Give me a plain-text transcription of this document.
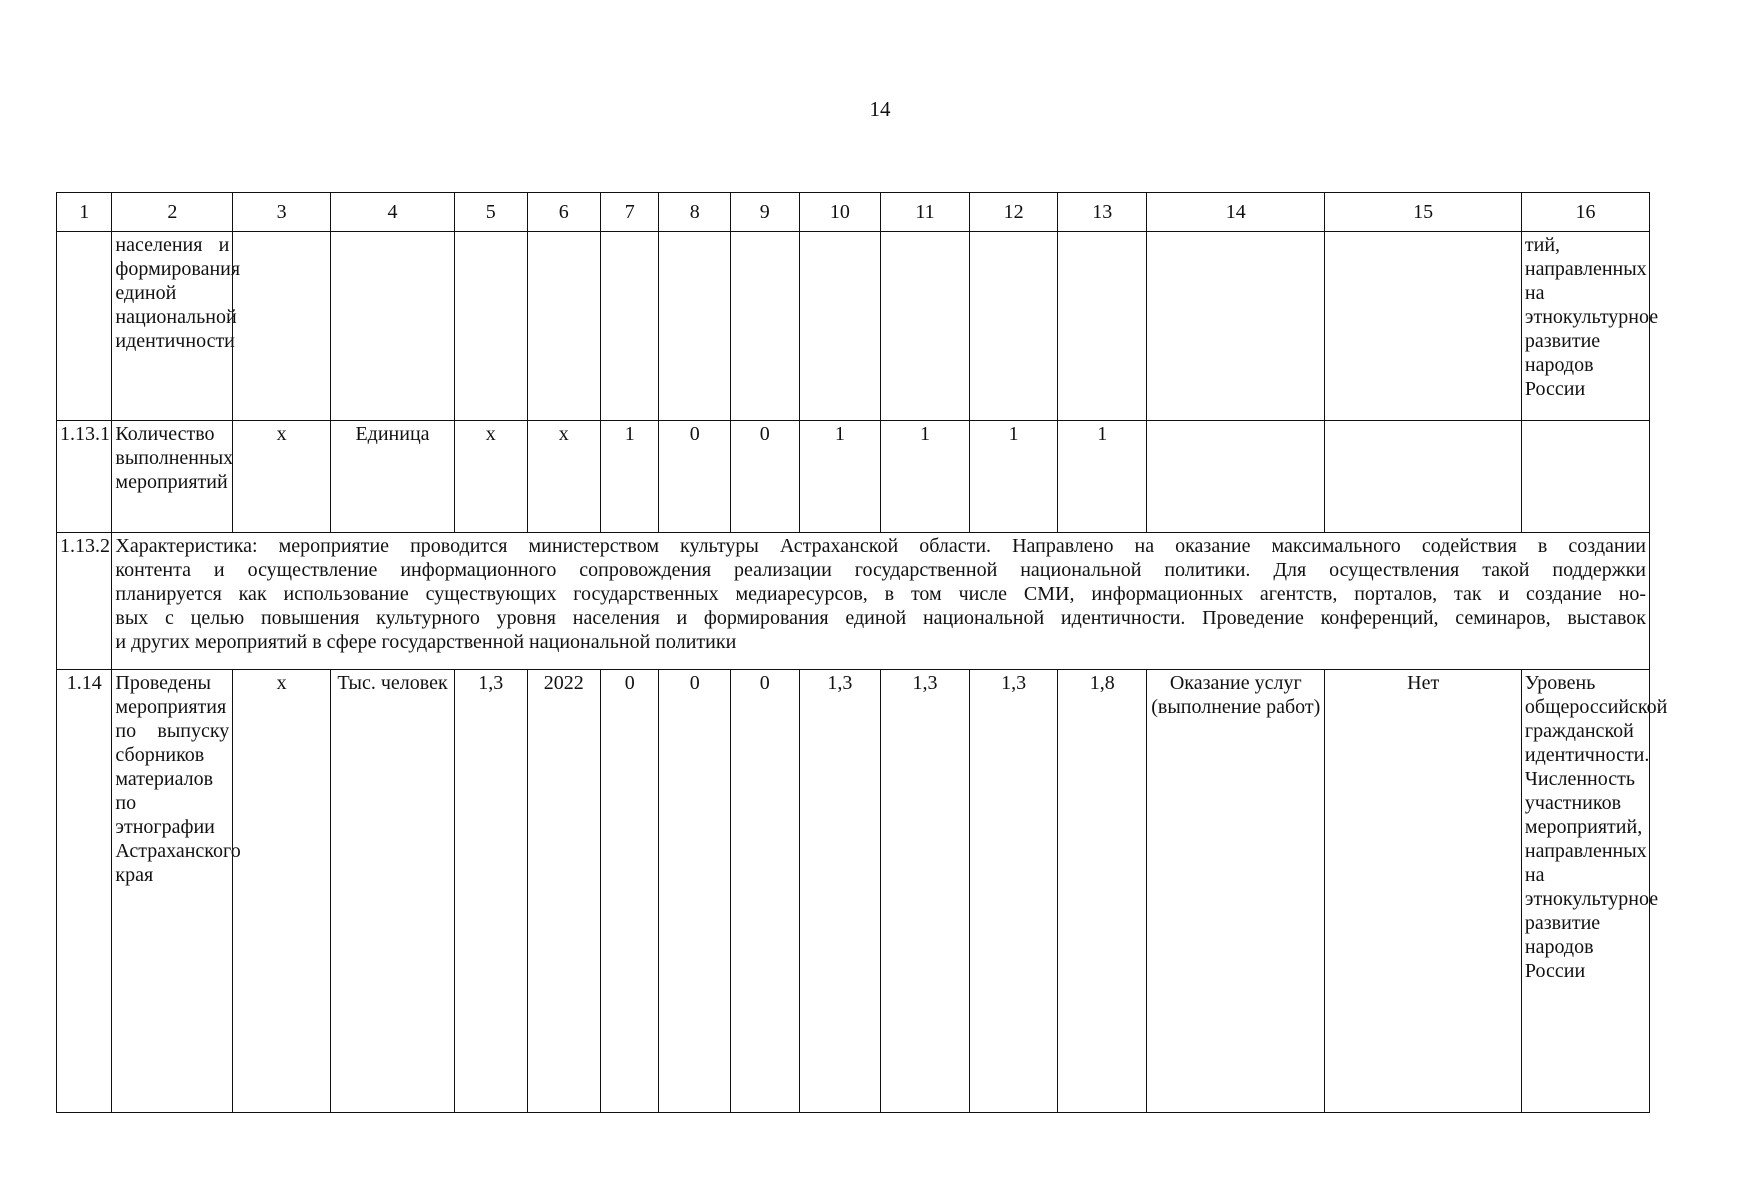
14
1	2	3	4	5	6	7	8	9	10	11	12	13	14	15	16
	населения и формирования единой национальной идентичности														тий, направленных на этнокультурное развитие народов России
1.13.1	Количество выполненных мероприятий	х	Единица	х	х	1	0	0	1	1	1	1			
1.13.2	Характеристика: мероприятие проводится министерством культуры Астраханской области. Направлено на оказание максимального содействия в создании
контента и осуществление информационного сопровождения реализации государственной национальной политики. Для осуществления такой поддержки
планируется как использование существующих государственных медиаресурсов, в том числе СМИ, информационных агентств, порталов, так и создание но-
вых с целью повышения культурного уровня населения и формирования единой национальной идентичности. Проведение конференций, семинаров, выставок
и других мероприятий в сфере государственной национальной политики														

1.14	Проведены мероприятия по выпуску сборников материалов по этнографии Астраханского края	х	Тыс. человек	1,3	2022	0	0	0	1,3	1,3	1,3	1,8	Оказание услуг (выполнение работ)	Нет	Уровень общероссийской гражданской идентичности. Численность участников мероприятий, направленных на этнокультурное развитие народов России
